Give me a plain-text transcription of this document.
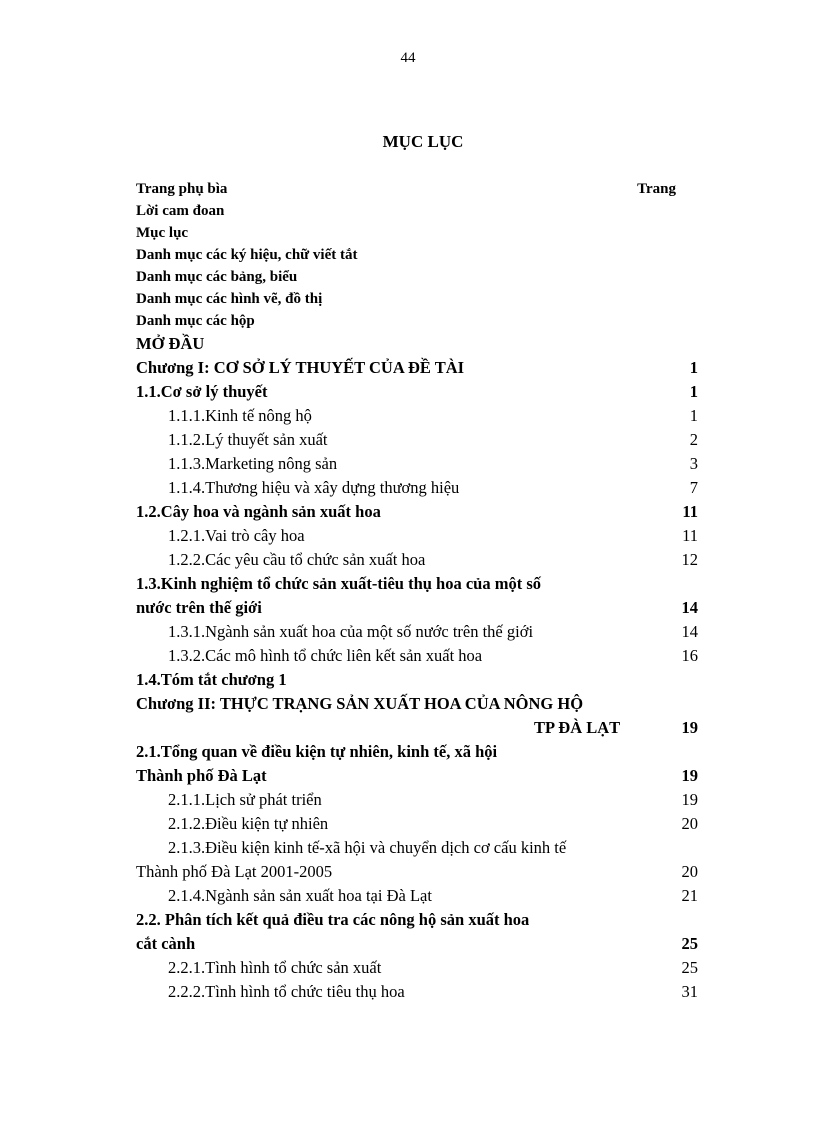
44
MỤC LỤC
Trang phụ bìa	Trang
Lời cam đoan
Mục lục
Danh mục các ký hiệu, chữ viết tắt
Danh mục các bảng, biểu
Danh mục các hình vẽ, đồ thị
Danh mục các hộp
MỞ ĐẦU
Chương I: CƠ SỞ LÝ THUYẾT CỦA ĐỀ TÀI	1
1.1.Cơ sở lý thuyết	1
1.1.1.Kinh tế nông hộ	1
1.1.2.Lý thuyết sản xuất	2
1.1.3.Marketing nông sản	3
1.1.4.Thương hiệu và xây dựng thương hiệu	7
1.2.Cây hoa và ngành sản xuất hoa	11
1.2.1.Vai trò cây hoa	11
1.2.2.Các yêu cầu tổ chức sản xuất hoa	12
1.3.Kinh nghiệm tổ chức sản xuất-tiêu thụ hoa của một số
nước trên thế giới	14
1.3.1.Ngành sản xuất hoa của một số nước trên thế giới	14
1.3.2.Các mô hình tổ chức liên kết sản xuất hoa	16
1.4.Tóm tắt chương 1
Chương II: THỰC TRẠNG SẢN XUẤT HOA CỦA NÔNG HỘ
TP ĐÀ LẠT	19
2.1.Tổng quan về điều kiện tự nhiên, kinh tế, xã hội
Thành phố Đà Lạt	19
2.1.1.Lịch sử phát triển	19
2.1.2.Điều kiện tự nhiên	20
2.1.3.Điều kiện kinh tế-xã hội và chuyển dịch cơ cấu kinh tế
Thành phố Đà Lạt 2001-2005	20
2.1.4.Ngành sản sản xuất hoa tại Đà Lạt	21
2.2. Phân tích kết quả điều tra các nông hộ sản xuất hoa
cắt cành	25
2.2.1.Tình hình tổ chức sản xuất	25
2.2.2.Tình hình tổ chức tiêu thụ hoa	31
